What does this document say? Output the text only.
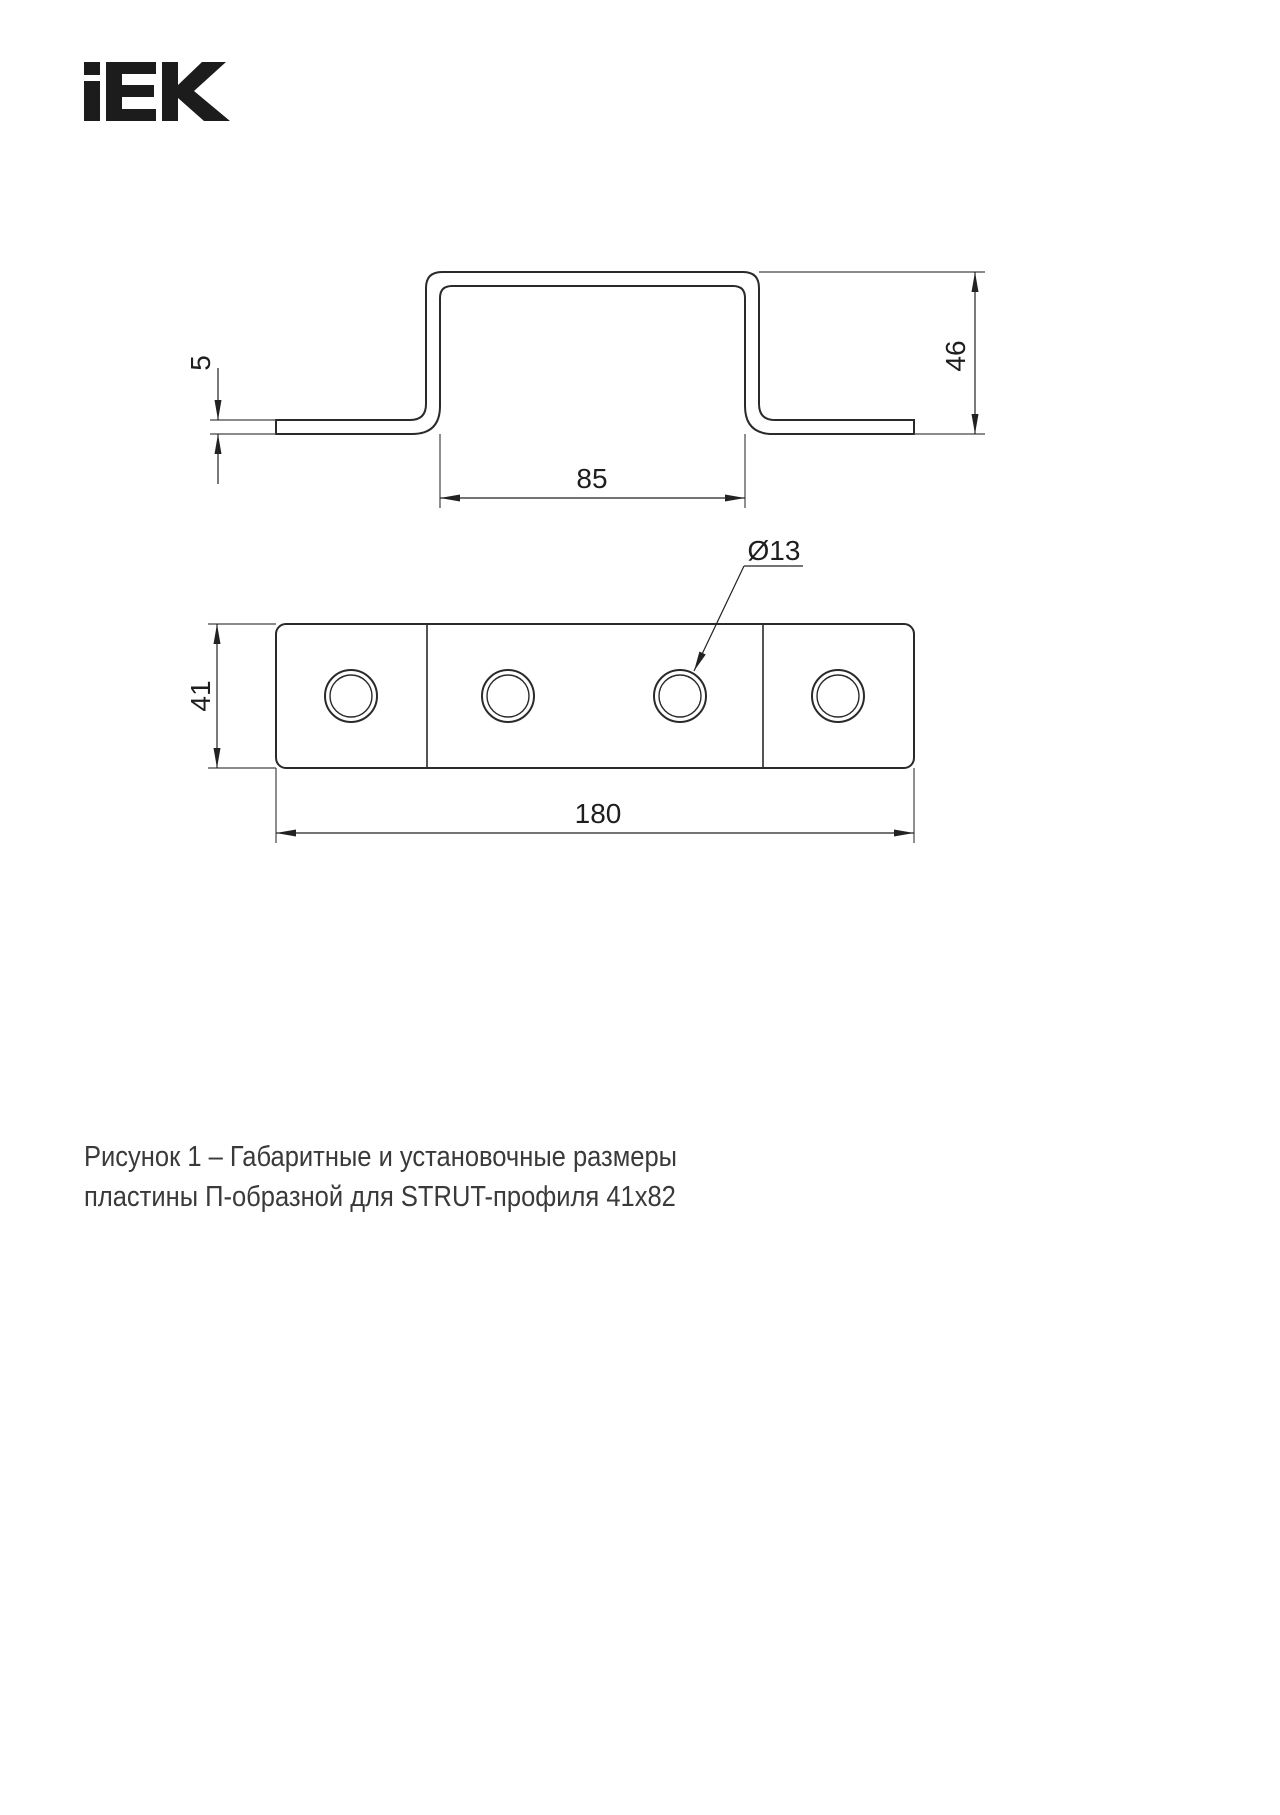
5	46
85
Ø13
41
180
Рисунок 1 – Габаритные и установочные размеры
пластины П-образной для STRUT-профиля 41х82
